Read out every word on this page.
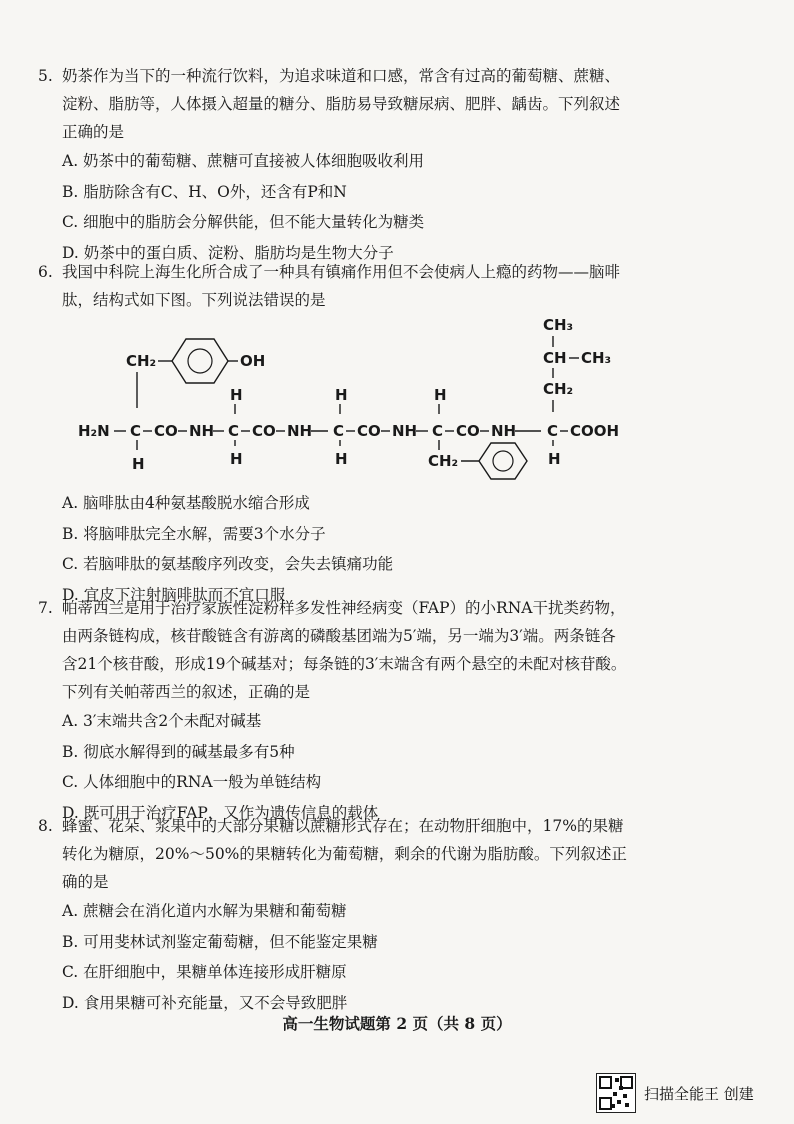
5. 奶茶作为当下的一种流行饮料，为追求味道和口感，常含有过高的葡萄糖、蔗糖、
淀粉、脂肪等，人体摄入超量的糖分、脂肪易导致糖尿病、肥胖、龋齿。下列叙述
正确的是
A. 奶茶中的葡萄糖、蔗糖可直接被人体细胞吸收利用
B. 脂肪除含有C、H、O外，还含有P和N
C. 细胞中的脂肪会分解供能，但不能大量转化为糖类
D. 奶茶中的蛋白质、淀粉、脂肪均是生物大分子
6. 我国中科院上海生化所合成了一种具有镇痛作用但不会使病人上瘾的药物——脑啡
肽，结构式如下图。下列说法错误的是
CH₂	OH
CH₃
CH CH₃
CH₂
H	H	H
H₂N C CO NH C CO NH C CO NH C CO NH C COOH
H	H	H	CH₂	H
A. 脑啡肽由4种氨基酸脱水缩合形成
B. 将脑啡肽完全水解，需要3个水分子
C. 若脑啡肽的氨基酸序列改变，会失去镇痛功能
D. 宜皮下注射脑啡肽而不宜口服
7. 帕蒂西兰是用于治疗家族性淀粉样多发性神经病变（FAP）的小RNA干扰类药物，
由两条链构成，核苷酸链含有游离的磷酸基团端为5′端，另一端为3′端。两条链各
含21个核苷酸，形成19个碱基对；每条链的3′末端含有两个悬空的未配对核苷酸。
下列有关帕蒂西兰的叙述，正确的是
A. 3′末端共含2个未配对碱基
B. 彻底水解得到的碱基最多有5种
C. 人体细胞中的RNA一般为单链结构
D. 既可用于治疗FAP，又作为遗传信息的载体
8. 蜂蜜、花朵、浆果中的大部分果糖以蔗糖形式存在；在动物肝细胞中，17%的果糖
转化为糖原，20%～50%的果糖转化为葡萄糖，剩余的代谢为脂肪酸。下列叙述正
确的是
A. 蔗糖会在消化道内水解为果糖和葡萄糖
B. 可用斐林试剂鉴定葡萄糖，但不能鉴定果糖
C. 在肝细胞中，果糖单体连接形成肝糖原
D. 食用果糖可补充能量，又不会导致肥胖
高一生物试题第 2 页（共 8 页）
扫描全能王 创建
